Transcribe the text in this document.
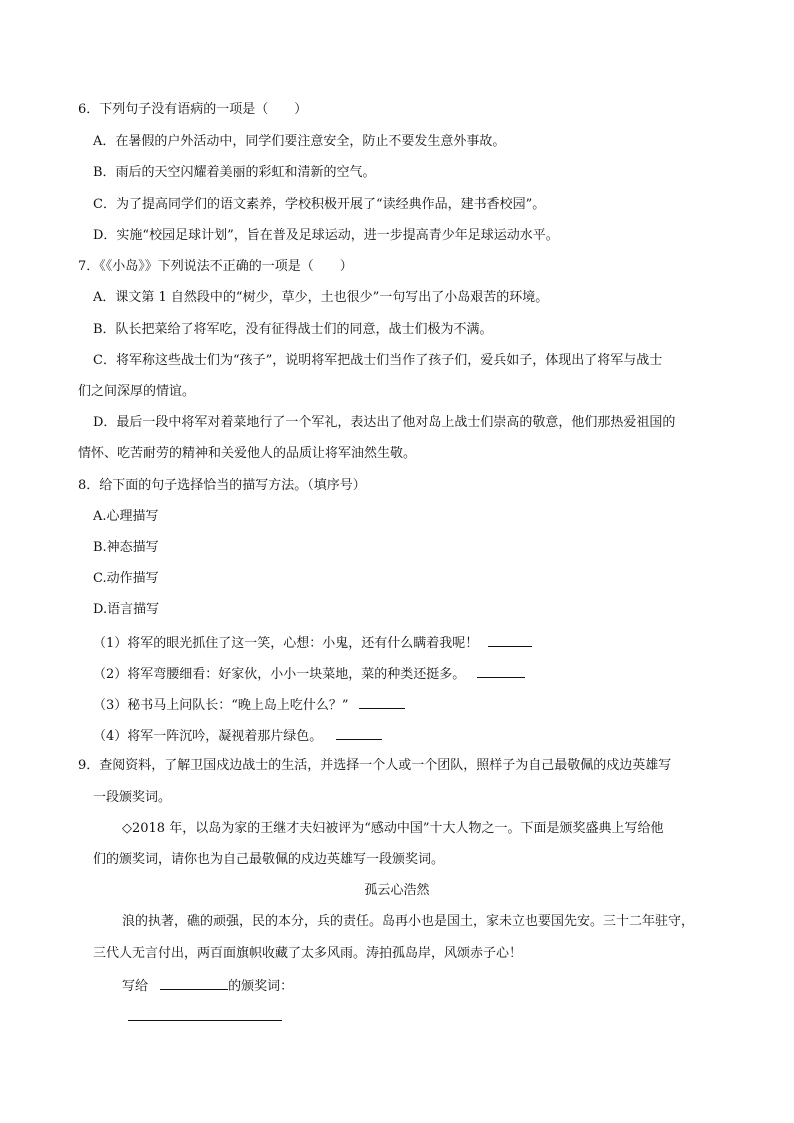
6．下列句子没有语病的一项是（　　）
A．在暑假的户外活动中，同学们要注意安全，防止不要发生意外事故。
B．雨后的天空闪耀着美丽的彩虹和清新的空气。
C．为了提高同学们的语文素养，学校积极开展了“读经典作品，建书香校园”。
D．实施“校园足球计划”，旨在普及足球运动，进一步提高青少年足球运动水平。
7．《《小岛》》下列说法不正确的一项是（　　）
A．课文第 1 自然段中的“树少，草少，土也很少”一句写出了小岛艰苦的环境。
B．队长把菜给了将军吃，没有征得战士们的同意，战士们极为不满。
C．将军称这些战士们为“孩子”，说明将军把战士们当作了孩子们，爱兵如子，体现出了将军与战士
们之间深厚的情谊。
D．最后一段中将军对着菜地行了一个军礼，表达出了他对岛上战士们崇高的敬意，他们那热爱祖国的
情怀、吃苦耐劳的精神和关爱他人的品质让将军油然生敬。
8．给下面的句子选择恰当的描写方法。（填序号）
A.心理描写
B.神态描写
C.动作描写
D.语言描写
（1）将军的眼光抓住了这一笑，心想：小鬼，还有什么瞒着我呢！
（2）将军弯腰细看：好家伙，小小一块菜地，菜的种类还挺多。
（3）秘书马上问队长：“晚上岛上吃什么？”
（4）将军一阵沉吟，凝视着那片绿色。
9．查阅资料，了解卫国戍边战士的生活，并选择一个人或一个团队，照样子为自己最敬佩的戍边英雄写
一段颁奖词。
◇2018 年，以岛为家的王继才夫妇被评为“感动中国”十大人物之一。下面是颁奖盛典上写给他
们的颁奖词，请你也为自己最敬佩的戍边英雄写一段颁奖词。
孤云心浩然
浪的执著，礁的顽强，民的本分，兵的责任。岛再小也是国土，家未立也要国先安。三十二年驻守，
三代人无言付出，两百面旗帜收藏了太多风雨。涛拍孤岛岸，风颂赤子心！
写给	的颁奖词：
